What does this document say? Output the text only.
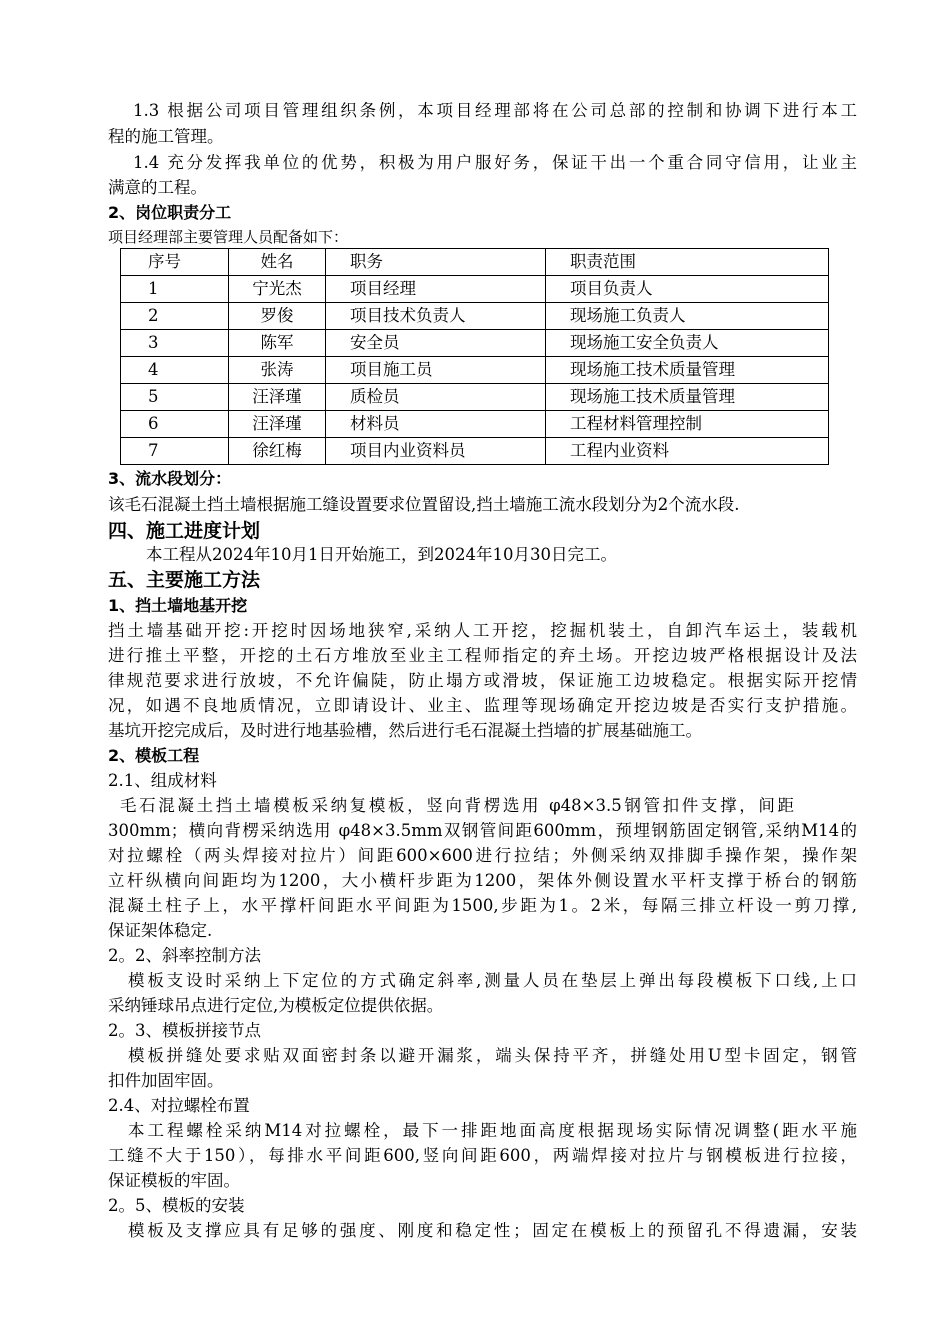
1.3 根据公司项目管理组织条例，本项目经理部将在公司总部的控制和协调下进行本工
程的施工管理。
1.4 充分发挥我单位的优势，积极为用户服好务，保证干出一个重合同守信用，让业主
满意的工程。
2、岗位职责分工
项目经理部主要管理人员配备如下：
序号	姓名	职务	职责范围
1	宁光杰	项目经理	项目负责人
2	罗俊	项目技术负责人	现场施工负责人
3	陈军	安全员	现场施工安全负责人
4	张涛	项目施工员	现场施工技术质量管理
5	汪泽瑾	质检员	现场施工技术质量管理
6	汪泽瑾	材料员	工程材料管理控制
7	徐红梅	项目内业资料员	工程内业资料
3、流水段划分：
该毛石混凝土挡土墙根据施工缝设置要求位置留设,挡土墙施工流水段划分为2个流水段.
四、施工进度计划
本工程从2024年10月1日开始施工，到2024年10月30日完工。
五、主要施工方法
1、挡土墙地基开挖
挡土墙基础开挖:开挖时因场地狭窄,采纳人工开挖，挖掘机装土，自卸汽车运土，装载机
进行推土平整，开挖的土石方堆放至业主工程师指定的弃土场。开挖边坡严格根据设计及法
律规范要求进行放坡，不允许偏陡，防止塌方或滑坡，保证施工边坡稳定。根据实际开挖情
况，如遇不良地质情况，立即请设计、业主、监理等现场确定开挖边坡是否实行支护措施。
基坑开挖完成后，及时进行地基验槽，然后进行毛石混凝土挡墙的扩展基础施工。
2、模板工程
2.1、组成材料
毛石混凝土挡土墙模板采纳复模板，竖向背楞选用 φ48×3.5钢管扣件支撑，间距
300mm；横向背楞采纳选用 φ48×3.5mm双钢管间距600mm，预埋钢筋固定钢管,采纳M14的
对拉螺栓（两头焊接对拉片）间距600×600进行拉结；外侧采纳双排脚手操作架，操作架
立杆纵横向间距均为1200，大小横杆步距为1200，架体外侧设置水平杆支撑于桥台的钢筋
混凝土柱子上，水平撑杆间距水平间距为1500,步距为1。2米，每隔三排立杆设一剪刀撑,
保证架体稳定.
2。2、斜率控制方法
模板支设时采纳上下定位的方式确定斜率,测量人员在垫层上弹出每段模板下口线,上口
采纳锤球吊点进行定位,为模板定位提供依据。
2。3、模板拼接节点
模板拼缝处要求贴双面密封条以避开漏浆，端头保持平齐，拼缝处用U型卡固定，钢管
扣件加固牢固。
2.4、对拉螺栓布置
本工程螺栓采纳M14对拉螺栓，最下一排距地面高度根据现场实际情况调整(距水平施
工缝不大于150），每排水平间距600,竖向间距600，两端焊接对拉片与钢模板进行拉接，
保证模板的牢固。
2。5、模板的安装
模板及支撑应具有足够的强度、刚度和稳定性；固定在模板上的预留孔不得遗漏，安装
